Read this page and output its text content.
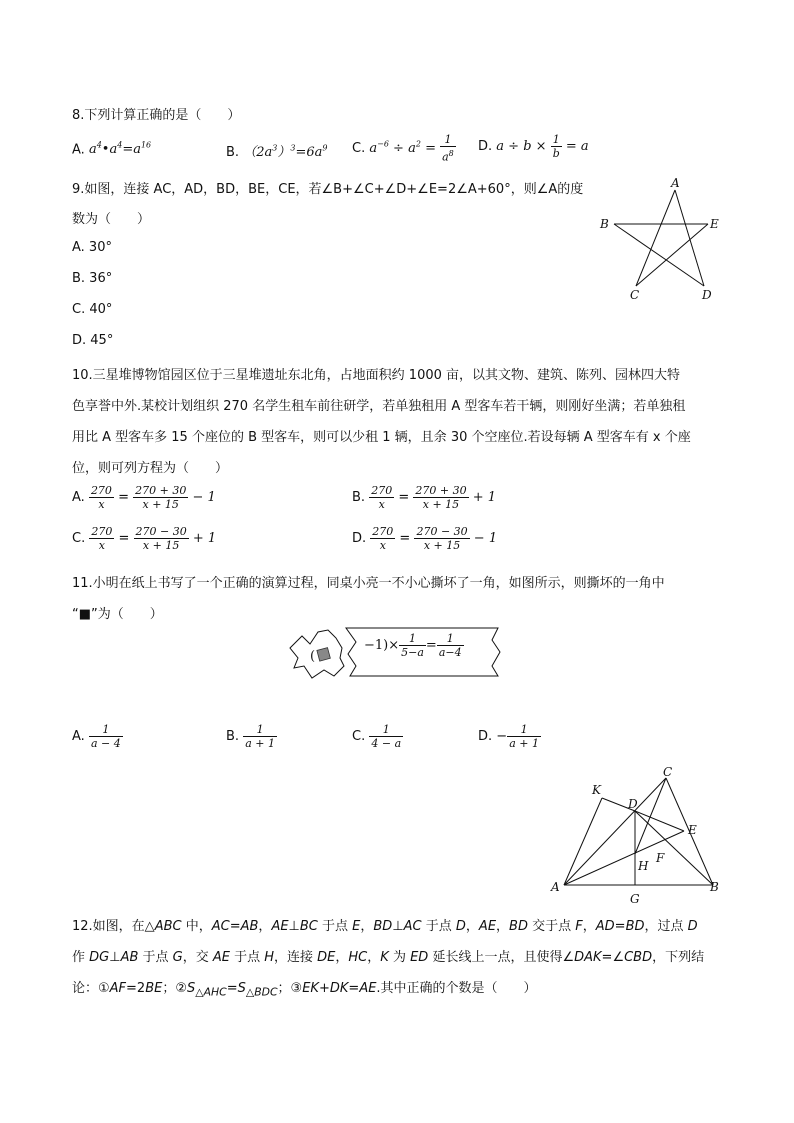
8.下列计算正确的是（　　）
A. $a^4•a^4=a^{16}$	B. $(2a^3)^3=6a^9$ C. $a^{-6} \div a^2 = \frac{1}{a^8} D$. $a \div b \times \frac{1}{b} = a$
9.如图，连接 AC，AD，BD，BE，CE，若∠B+∠C+∠D+∠E=2∠A+60°，则∠A的度
数为（　　）
A. 30°
B. 36°
C. 40°
D. 45°
A
B
C	D
E
10.三星堆博物馆园区位于三星堆遗址东北角，占地面积约 1000 亩，以其文物、建筑、陈列、园林四大特
色享誉中外.某校计划组织 270 名学生租车前往研学，若单独租用 A 型客车若干辆，则刚好坐满；若单独租
用比 A 型客车多 15 个座位的 B 型客车，则可以少租 1 辆，且余 30 个空座位.若设每辆 A 型客车有 x 个座
位，则可列方程为（　　）
A. $\frac{270}{x} = \frac{270 + 30}{x + 15} - 1$	B. $\frac{270}{x} = \frac{270 + 30}{x + 15} + 1$
C. $\frac{270}{x} = \frac{270 - 30}{x + 15} + 1$	D. $\frac{270}{x} = \frac{270 - 30}{x + 15} - 1$
11.小明在纸上书写了一个正确的演算过程，同桌小亮一不小心撕坏了一角，如图所示，则撕坏的一角中
“■”为（　　）
(
$-1)\times \frac{1}{5-a} = \frac{1}{a-4}$
A. $\frac{1}{a - 4}$	B. $\frac{1}{a + 1}$	C. $\frac{1}{4 - a}$	D. − $\frac{1}{a + 1}$
K
C
D
E
F
H
A
G
B
12.如图，在△ABC 中，AC=AB，AE⊥BC 于点 E，BD⊥AC 于点 D，AE，BD 交于点 F，AD=BD，过点 D
作 DG⊥AB 于点 G，交 AE 于点 H，连接 DE，HC，K 为 ED 延长线上一点，且使得∠DAK=∠CBD，下列结
论：①AF=2BE；$②S_{\triangle AHC}=S_{\triangle BDC}$；③EK+DK=AE.其中正确的个数是（　　）
